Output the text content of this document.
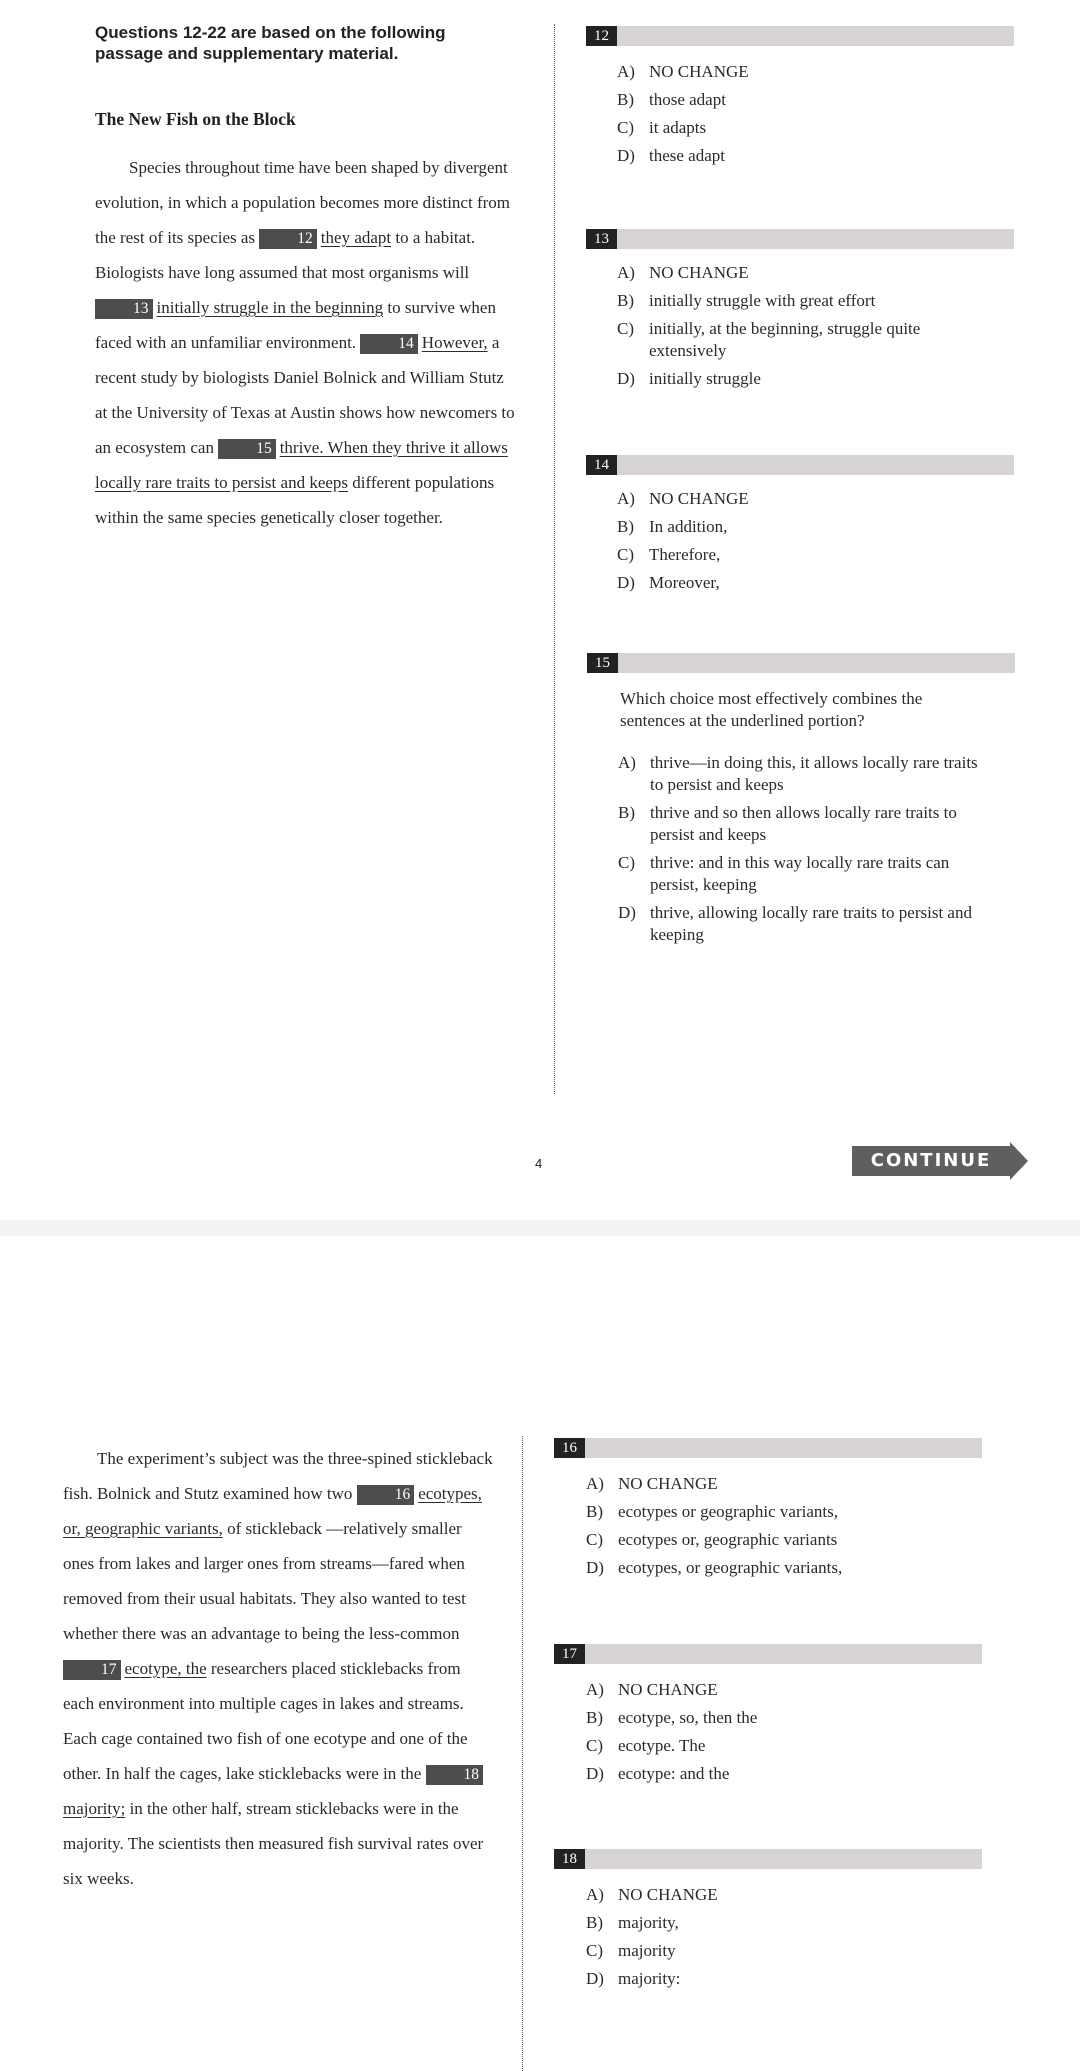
Questions 12-22 are based on the following passage and supplementary material.
The New Fish on the Block

Species throughout time have been shaped by divergent evolution, in which a population becomes more distinct from the rest of its species as 12 they adapt to a habitat. Biologists have long assumed that most organisms will 13 initially struggle in the beginning to survive when faced with an unfamiliar environment. 14 However, a recent study by biologists Daniel Bolnick and William Stutz at the University of Texas at Austin shows how newcomers to an ecosystem can 15 thrive. When they thrive it allows locally rare traits to persist and keeps different populations within the same species genetically closer together.

12
A) NO CHANGE
B) those adapt
C) it adapts
D) these adapt
13
A) NO CHANGE
B) initially struggle with great effort
C) initially, at the beginning, struggle quite extensively
D) initially struggle
14
A) NO CHANGE
B) In addition,
C) Therefore,
D) Moreover,
15
Which choice most effectively combines the sentences at the underlined portion?
A) thrive—in doing this, it allows locally rare traits to persist and keeps
B) thrive and so then allows locally rare traits to persist and keeps
C) thrive: and in this way locally rare traits can persist, keeping
D) thrive, allowing locally rare traits to persist and keeping
4	CONTINUE

The experiment’s subject was the three-spined stickleback fish. Bolnick and Stutz examined how two 16 ecotypes, or, geographic variants, of stickleback —relatively smaller ones from lakes and larger ones from streams—fared when removed from their usual habitats. They also wanted to test whether there was an advantage to being the less-common 17 ecotype, the researchers placed sticklebacks from each environment into multiple cages in lakes and streams. Each cage contained two fish of one ecotype and one of the other. In half the cages, lake sticklebacks were in the 18majority; in the other half, stream sticklebacks were in the majority. The scientists then measured fish survival rates over six weeks.

16
A) NO CHANGE
B) ecotypes or geographic variants,
C) ecotypes or, geographic variants
D) ecotypes, or geographic variants,
17
A) NO CHANGE
B) ecotype, so, then the
C) ecotype. The
D) ecotype: and the
18
A) NO CHANGE
B) majority,
C) majority
D) majority:
